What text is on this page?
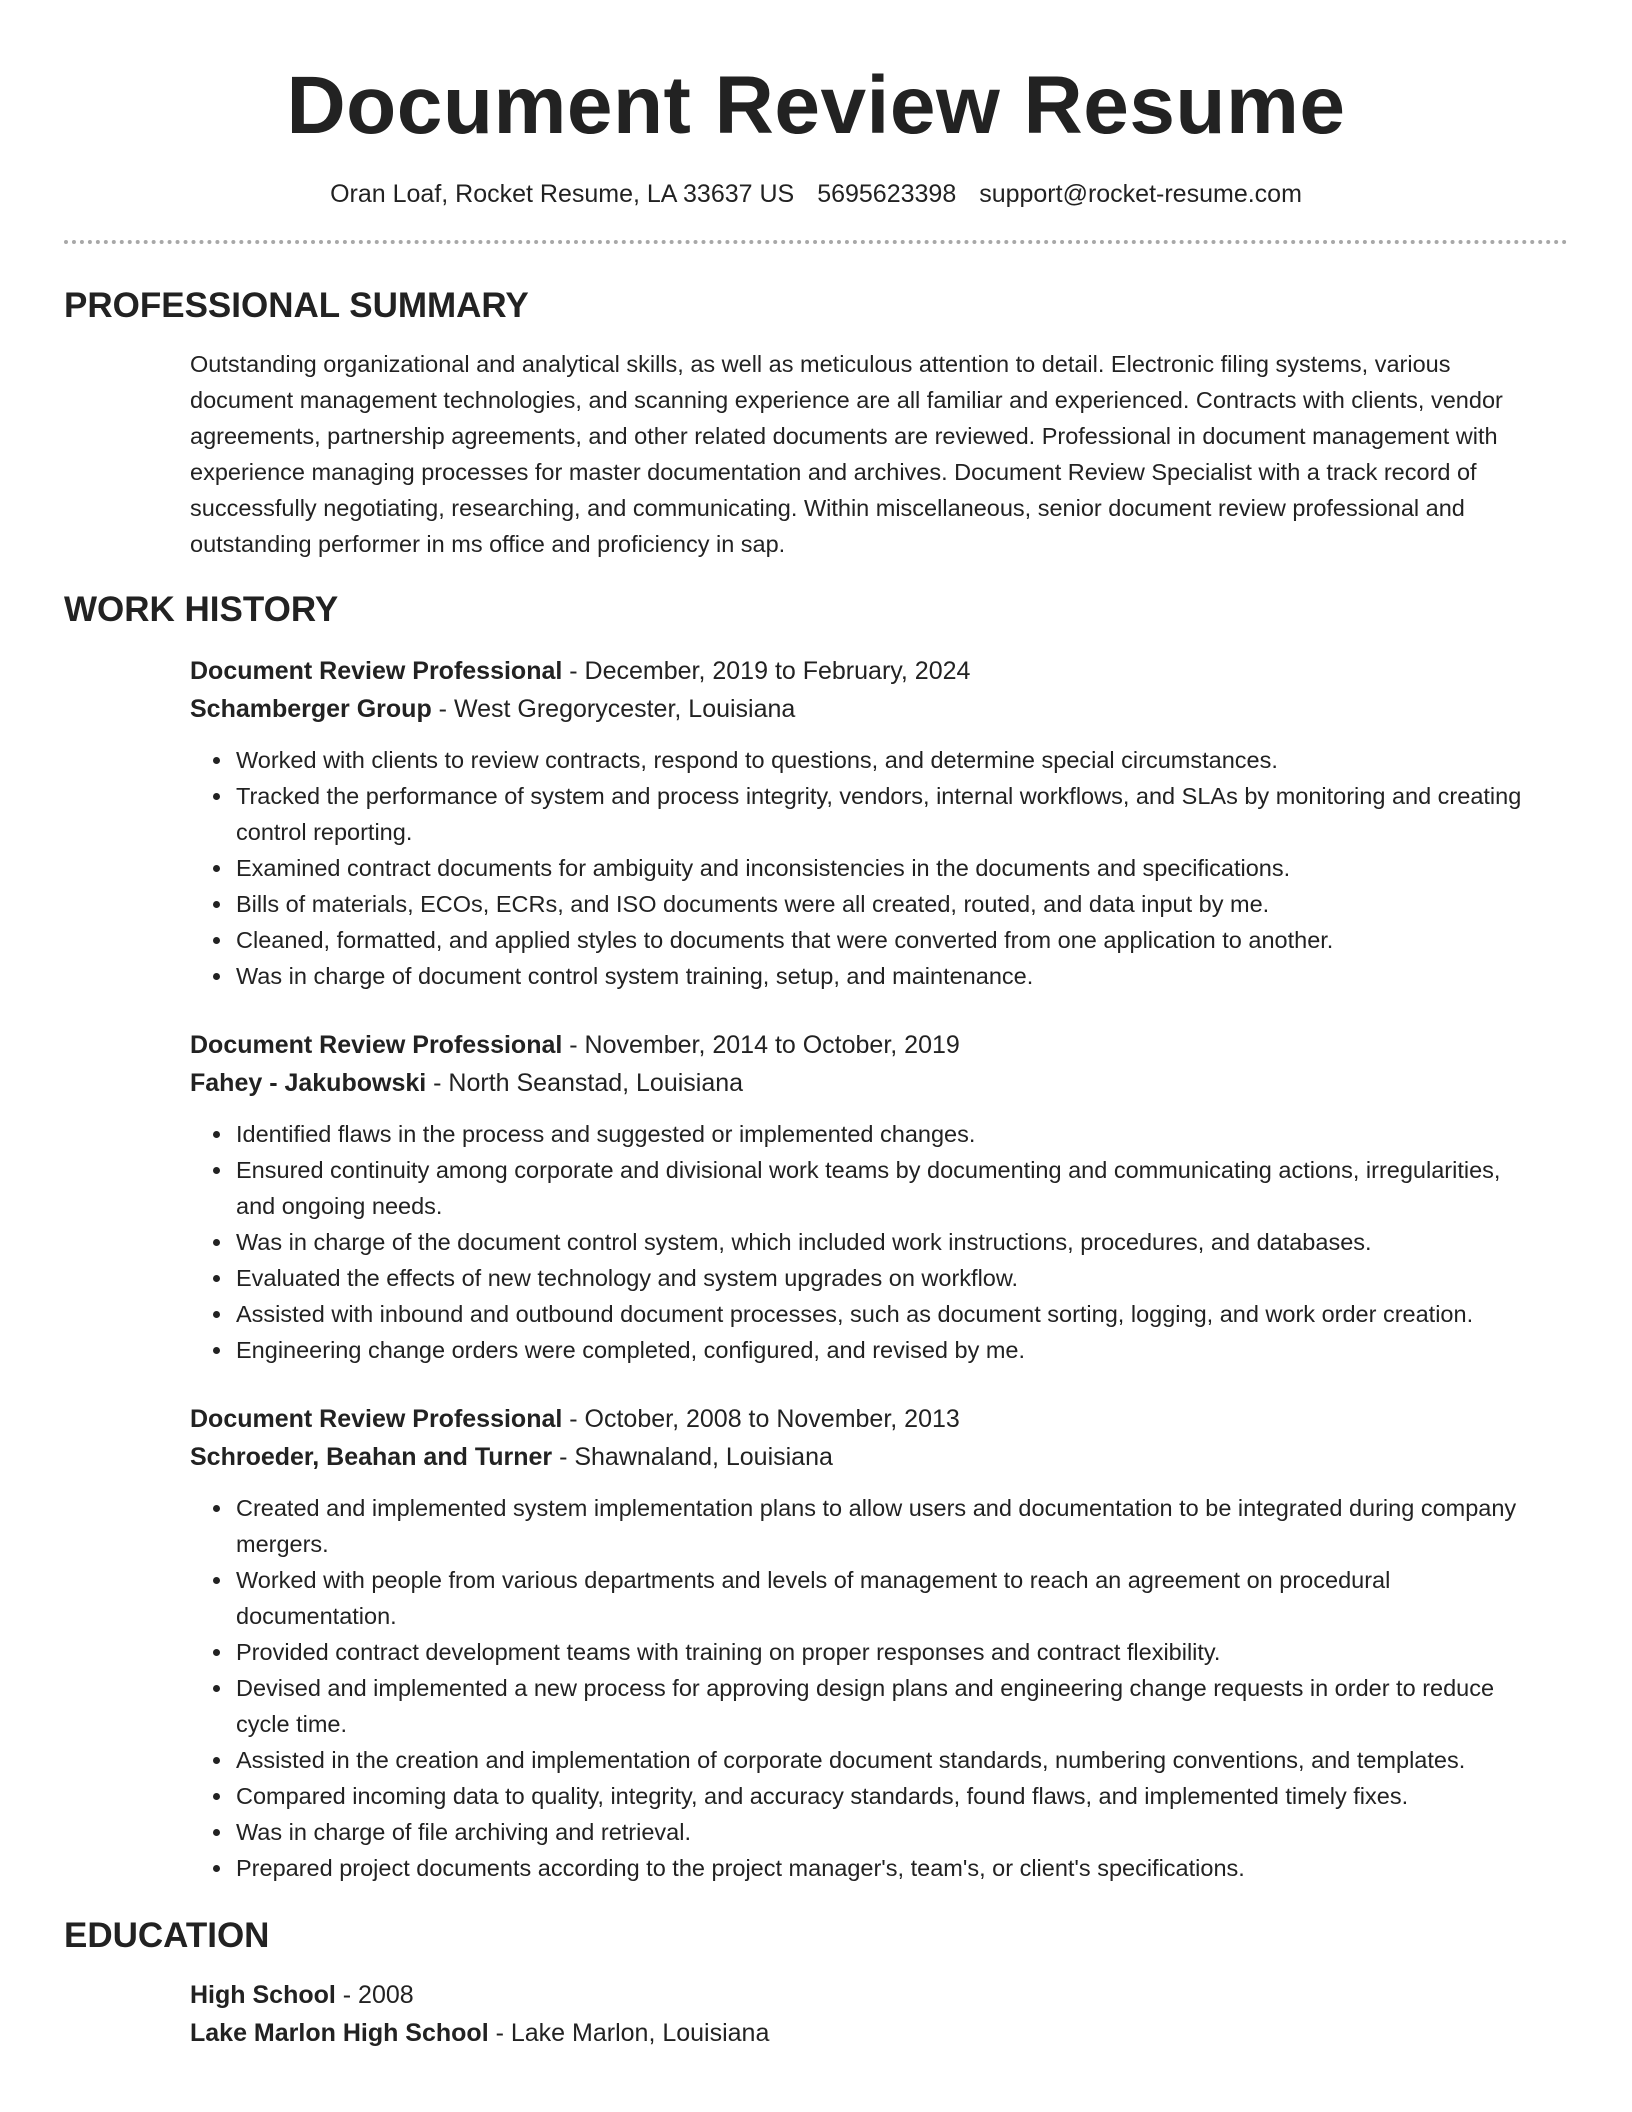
Document Review Resume
Oran Loaf, Rocket Resume, LA 33637 US 5695623398 support@rocket-resume.com
PROFESSIONAL SUMMARY

Outstanding organizational and analytical skills, as well as meticulous attention to detail. Electronic filing systems, various document management technologies, and scanning experience are all familiar and experienced. Contracts with clients, vendor agreements, partnership agreements, and other related documents are reviewed. Professional in document management with experience managing processes for master documentation and archives. Document Review Specialist with a track record of successfully negotiating, researching, and communicating. Within miscellaneous, senior document review professional and outstanding performer in ms office and proficiency in sap.

WORK HISTORY

Document Review Professional - December, 2019 to February, 2024

Schamberger Group - West Gregorycester, Louisiana

• Worked with clients to review contracts, respond to questions, and determine special circumstances.
• Tracked the performance of system and process integrity, vendors, internal workflows, and SLAs by monitoring and creating control reporting.
• Examined contract documents for ambiguity and inconsistencies in the documents and specifications.
• Bills of materials, ECOs, ECRs, and ISO documents were all created, routed, and data input by me.
• Cleaned, formatted, and applied styles to documents that were converted from one application to another.
• Was in charge of document control system training, setup, and maintenance.

Document Review Professional - November, 2014 to October, 2019

Fahey - Jakubowski - North Seanstad, Louisiana

• Identified flaws in the process and suggested or implemented changes.
• Ensured continuity among corporate and divisional work teams by documenting and communicating actions, irregularities, and ongoing needs.
• Was in charge of the document control system, which included work instructions, procedures, and databases.
• Evaluated the effects of new technology and system upgrades on workflow.
• Assisted with inbound and outbound document processes, such as document sorting, logging, and work order creation.
• Engineering change orders were completed, configured, and revised by me.

Document Review Professional - October, 2008 to November, 2013

Schroeder, Beahan and Turner - Shawnaland, Louisiana

• Created and implemented system implementation plans to allow users and documentation to be integrated during company mergers.
• Worked with people from various departments and levels of management to reach an agreement on procedural documentation.
• Provided contract development teams with training on proper responses and contract flexibility.
• Devised and implemented a new process for approving design plans and engineering change requests in order to reduce cycle time.
• Assisted in the creation and implementation of corporate document standards, numbering conventions, and templates.
• Compared incoming data to quality, integrity, and accuracy standards, found flaws, and implemented timely fixes.
• Was in charge of file archiving and retrieval.
• Prepared project documents according to the project manager's, team's, or client's specifications.
EDUCATION

High School - 2008

Lake Marlon High School - Lake Marlon, Louisiana
